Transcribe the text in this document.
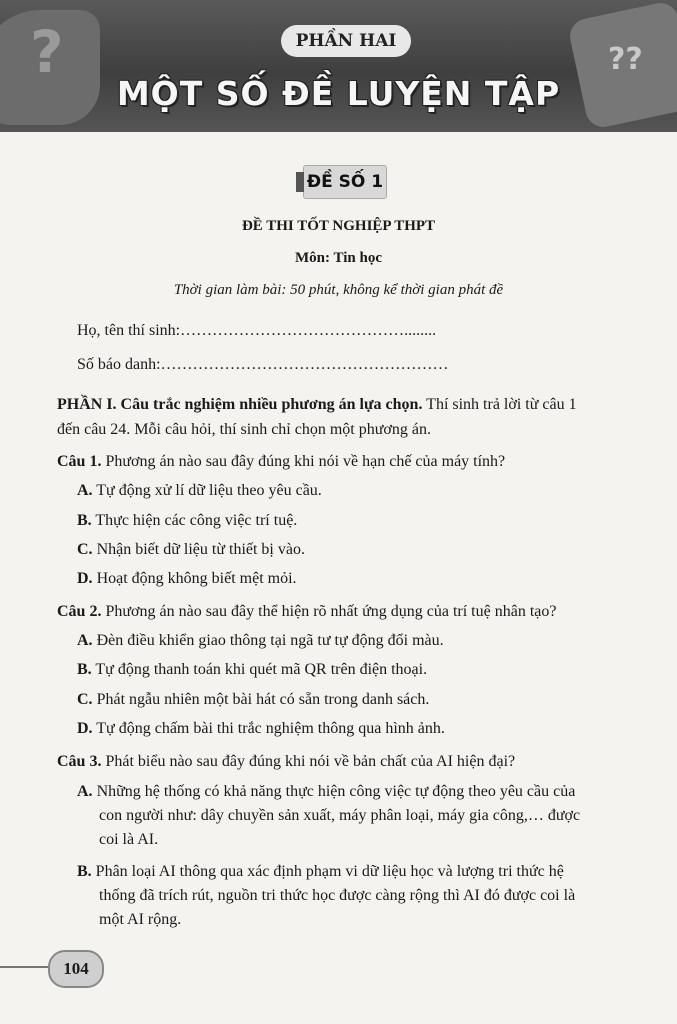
?	??
PHẦN HAI
MỘT SỐ ĐỀ LUYỆN TẬP
ĐỀ SỐ 1
ĐỀ THI TỐT NGHIỆP THPT
Môn: Tin học
Thời gian làm bài: 50 phút, không kể thời gian phát đề
Họ, tên thí sinh:……………………………………........
Số báo danh:………………………………………………
PHẦN I. Câu trắc nghiệm nhiều phương án lựa chọn. Thí sinh trả lời từ câu 1
đến câu 24. Mỗi câu hỏi, thí sinh chỉ chọn một phương án.
Câu 1. Phương án nào sau đây đúng khi nói về hạn chế của máy tính?
A. Tự động xử lí dữ liệu theo yêu cầu.
B. Thực hiện các công việc trí tuệ.
C. Nhận biết dữ liệu từ thiết bị vào.
D. Hoạt động không biết mệt mỏi.
Câu 2. Phương án nào sau đây thể hiện rõ nhất ứng dụng của trí tuệ nhân tạo?
A. Đèn điều khiển giao thông tại ngã tư tự động đổi màu.
B. Tự động thanh toán khi quét mã QR trên điện thoại.
C. Phát ngẫu nhiên một bài hát có sẵn trong danh sách.
D. Tự động chấm bài thi trắc nghiệm thông qua hình ảnh.
Câu 3. Phát biểu nào sau đây đúng khi nói về bản chất của AI hiện đại?
A. Những hệ thống có khả năng thực hiện công việc tự động theo yêu cầu của
con người như: dây chuyền sản xuất, máy phân loại, máy gia công,… được
coi là AI.
B. Phân loại AI thông qua xác định phạm vi dữ liệu học và lượng tri thức hệ
thống đã trích rút, nguồn tri thức học được càng rộng thì AI đó được coi là
một AI rộng.
104
